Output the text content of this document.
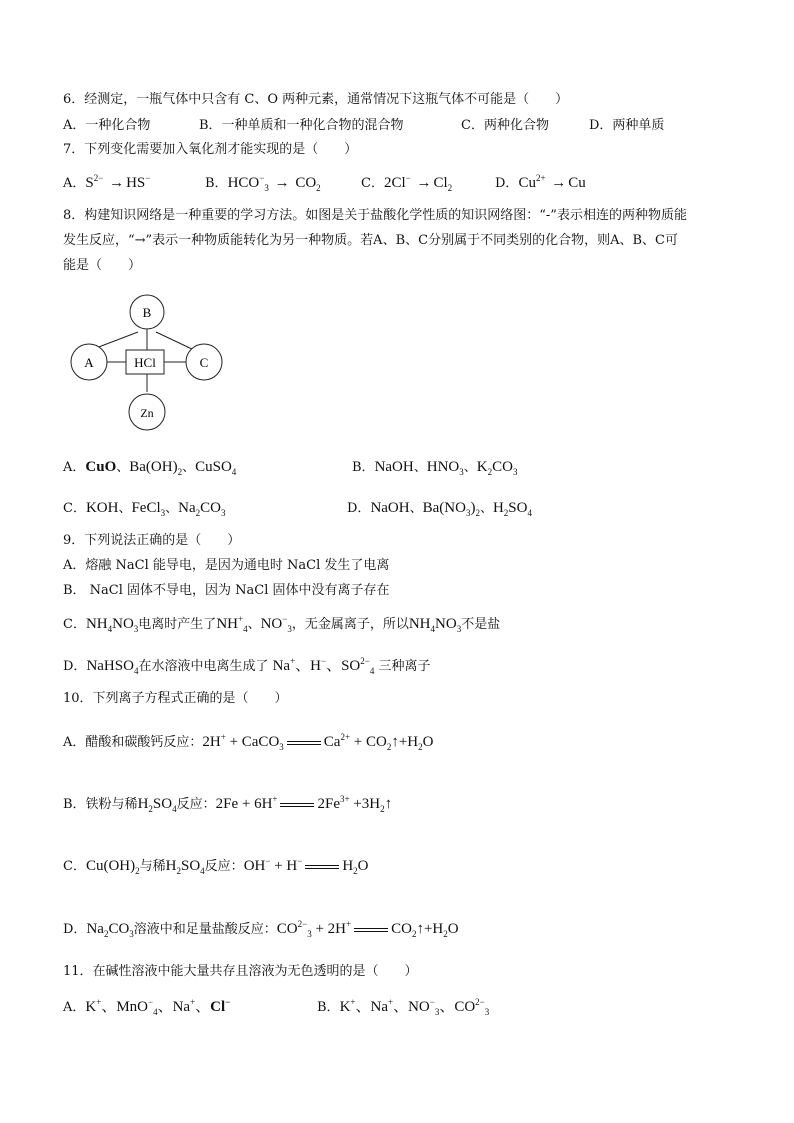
6．经测定，一瓶气体中只含有 C、O 两种元素，通常情况下这瓶气体不可能是（　　）
A．一种化合物	B．一种单质和一种化合物的混合物	C．两种化合物	D．两种单质
7．下列变化需要加入氧化剂才能实现的是（　　）
A．$S^{2-} \to HS^-$	B．$HCO^-_3 \to CO_2$	C．$2Cl^- \to Cl_2$	D．$Cu^{2+} \to Cu$
8．构建知识网络是一种重要的学习方法。如图是关于盐酸化学性质的知识网络图：“-”表示相连的两种物质能
发生反应，“→”表示一种物质能转化为另一种物质。若A、B、C分别属于不同类别的化合物，则A、B、C可
能是（　　）
B
A	C
Zn
HCl
A．CuO、$Ba(OH)_2$、CuSO$_4$	B．NaOH、$HNO_3$、$K_2CO_3$
C．KOH、FeCl$_3$、$Na_2CO_3$	D．NaOH、$Ba(NO_3)_2$、$H_2SO_4$
9．下列说法正确的是（　　）
A．熔融 NaCl 能导电，是因为通电时 NaCl 发生了电离
B． NaCl 固体不导电，因为 NaCl 固体中没有离子存在
C．$NH_4NO_3$电离时产生了$NH^+_4$、$NO^-_3$，无金属离子，所以$NH_4NO_3$不是盐
D．NaHSO$_4$在水溶液中电离生成了 Na+、H−、$SO^{2-}_4$ 三种离子
10．下列离子方程式正确的是（　　）
A．醋酸和碳酸钙反应：2H+ + CaCO$_3$	$Ca^{2+}$ + $CO_2↑+H_2O$
B．铁粉与稀$H_2SO_4$反应：2Fe + 6H+	$2Fe^{3+}$ $+3H_2↑$
C．$Cu(OH)_2$与稀$H_2SO_4$反应：OH− + H−	$H_2O$
D．$Na_2CO_3$溶液中和足量盐酸反应：$CO^{2-}_3 + 2H^+$	$CO_2↑+H_2O$
11．在碱性溶液中能大量共存且溶液为无色透明的是（　　）
A．K+、MnO−$_4$、Na+、Cl−	B．K+、Na+、$NO^-_3$、$CO^{2-}_3$
